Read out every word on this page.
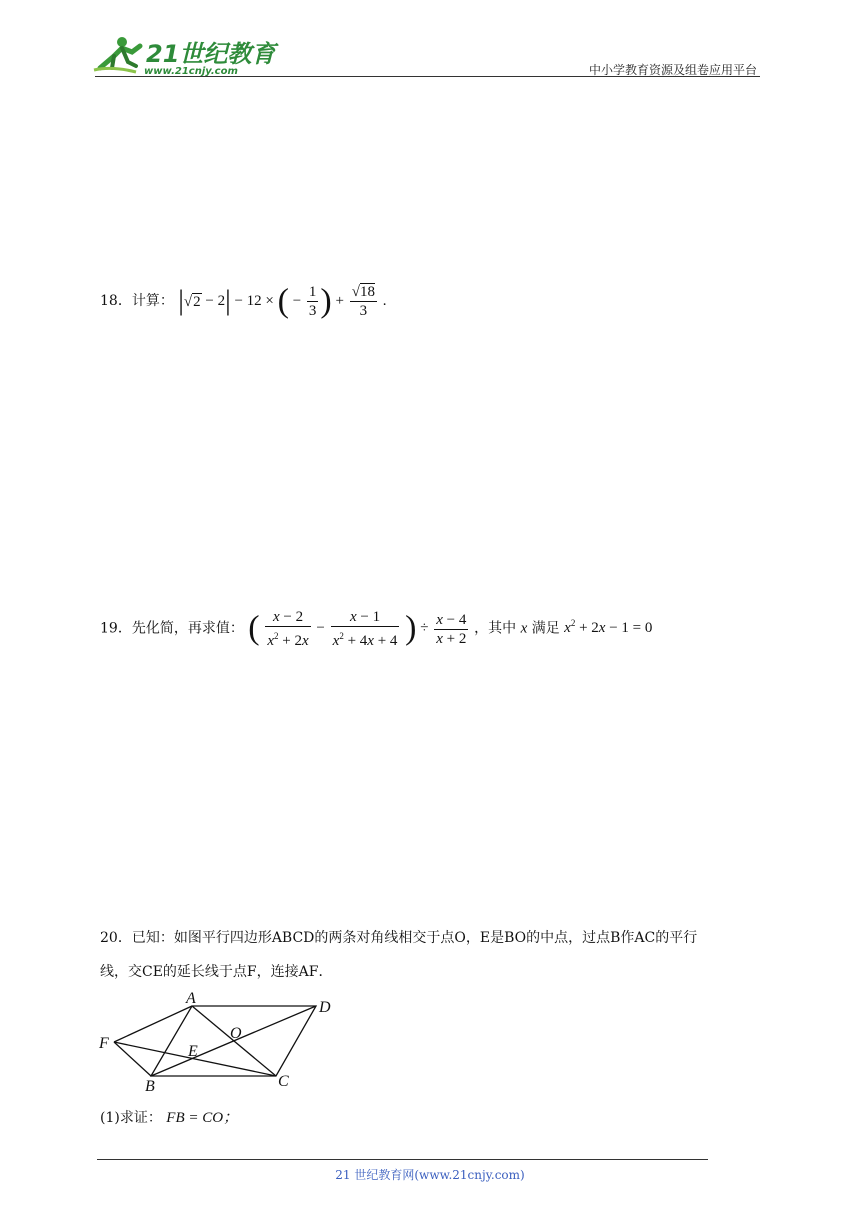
21世纪教育
www.21cnjy.com	中小学教育资源及组卷应用平台
18．计算： |√2 − 2| − 12 × ( − $\frac{1}{3}$ ) + $\frac{√18}{3}$ .
19．先化简，再求值： ( $\frac{x - 2}{x^2 + 2x} - \frac{x - 1}{x^2 + 4x + 4}$ ) ÷ $\frac{x - 4}{x + 2}$ ，其中 x 满足 $x^2 + 2x - 1 = 0$
20．已知：如图平行四边形ABCD的两条对角线相交于点O，E是BO的中点，过点B作AC的平行
线，交CE的延长线于点F，连接AF．
A
D
O
F	E
B	C
(1)求证： FB = CO；
21 世纪教育网(www.21cnjy.com)
